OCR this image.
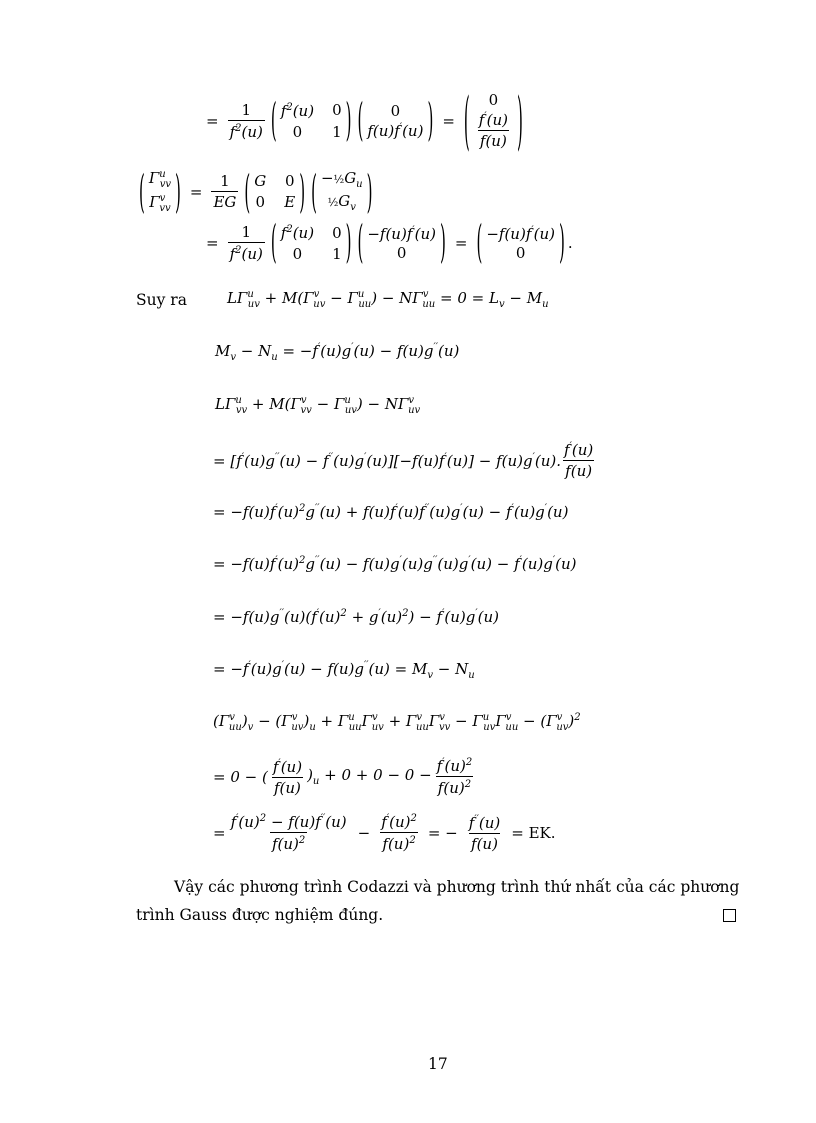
= $\frac{1}{f^2(u)}$ ( $f^2(u)$ 0
0 1 ) ( 0
f(u)f′(u) ) = ( 0
f′(u)
f(u) )
( $\Gamma^u_{vv}$
$\Gamma^v_{vv}$ ) = $\frac{1}{EG}$ ( G 0
0 E ) ( $-\frac{1}{2}G_u$
$\frac{1}{2}G_v$ )
= $\frac{1}{f^2(u)}$ ( $f^2(u)$ 0
0 1 ) ( −f(u)f′(u)
0 ) = ( −f(u)f′(u)
0 ) .
Suy ra	$L\Gamma^u_{uv} + M(\Gamma^v_{uv} - \Gamma^u_{uu}) - N\Gamma^v_{uu} = 0 = L_v - M_u$
$M_v - N_u = -f'(u)g'(u) - f(u)g''(u)$
$L\Gamma^u_{vv} + M(\Gamma^v_{vv} - \Gamma^u_{uv}) - N\Gamma^v_{uv}$
= [f′(u)g′′(u) − f′′(u)g′(u)][−f(u)f′(u)] − f(u)g′(u).
f′(u)
f(u)
= $-f(u)f'(u)^2g''(u) + f(u)f'(u)f''(u)g'(u) - f'(u)g'(u)$
= $-f(u)f'(u)^2g''(u) - f(u)g'(u)g''(u)g'(u) - f'(u)g'(u)$
= $-f(u)g''(u)(f'(u)^2 + g'(u)^2) - f'(u)g'(u)$
= $-f'(u)g'(u) - f(u)g''(u) = M_v - N_u$
$(\Gamma^v_{uu})_v - (\Gamma^v_{uv})_u + \Gamma^u_{uu}\Gamma^v_{uv} + \Gamma^v_{uu}\Gamma^v_{vv} - \Gamma^u_{uv}\Gamma^v_{uu} - (\Gamma^v_{uv})^2$
= 0 − (
f′(u)
f(u)
)$_u + 0 + 0 - 0 - \frac{f'(u)^2}{f(u)^2}$
= $\frac{f'(u)^2 - f(u)f''(u)}{f(u)^2} - \frac{f'(u)^2}{f(u)^2}$ = − $\frac{f''(u)}{f(u)}$ = EK.
Vậy các phương trình Codazzi và phương trình thứ nhất của các phương
trình Gauss được nghiệm đúng.
17
